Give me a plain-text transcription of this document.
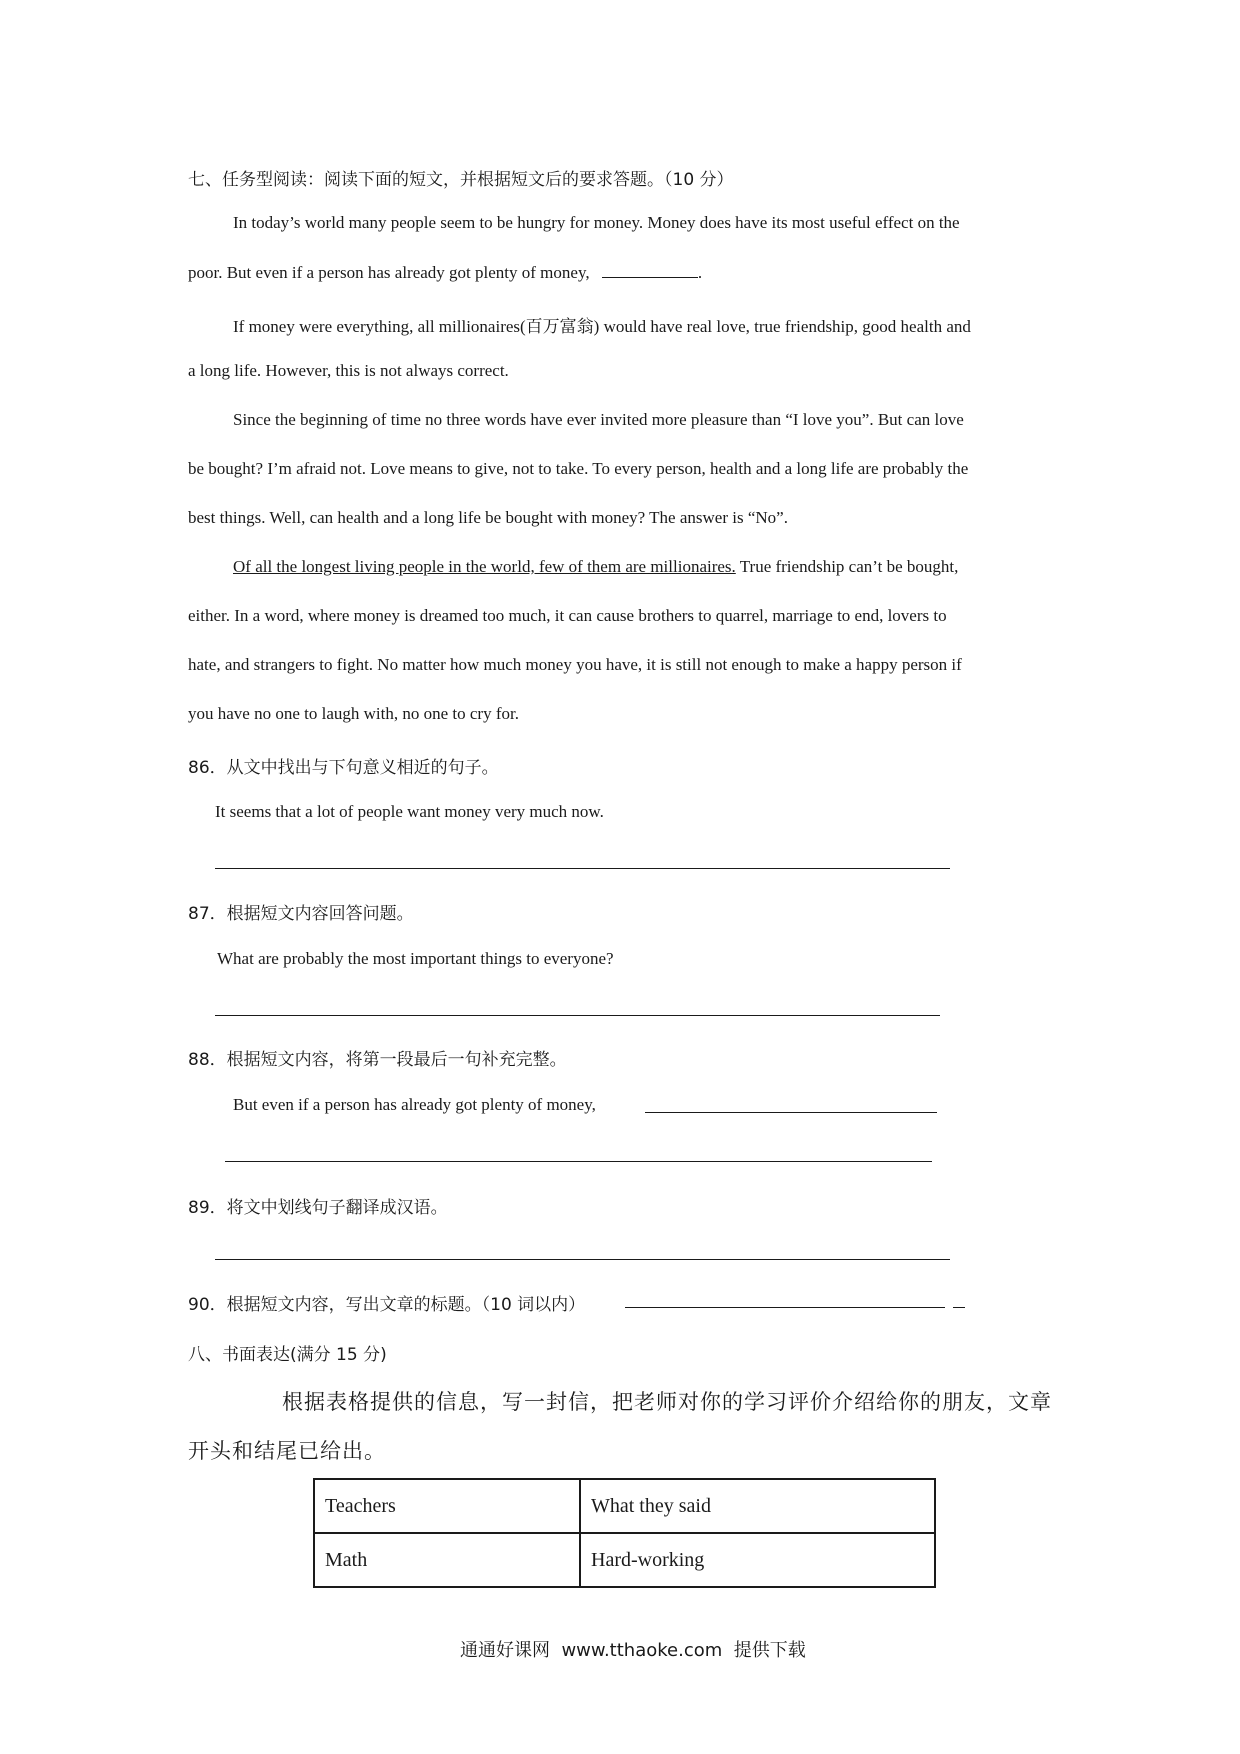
七、任务型阅读：阅读下面的短文，并根据短文后的要求答题。（10 分）
In today’s world many people seem to be hungry for money. Money does have its most useful effect on the
poor. But even if a person has already got plenty of money,	.
If money were everything, all millionaires(百万富翁) would have real love, true friendship, good health and
a long life. However, this is not always correct.
Since the beginning of time no three words have ever invited more pleasure than “I love you”. But can love
be bought? I’m afraid not. Love means to give, not to take. To every person, health and a long life are probably the
best things. Well, can health and a long life be bought with money? The answer is “No”.
Of all the longest living people in the world, few of them are millionaires. True friendship can’t be bought,
either. In a word, where money is dreamed too much, it can cause brothers to quarrel, marriage to end, lovers to
hate, and strangers to fight. No matter how much money you have, it is still not enough to make a happy person if
you have no one to laugh with, no one to cry for.
86．从文中找出与下句意义相近的句子。
It seems that a lot of people want money very much now.
87．根据短文内容回答问题。
What are probably the most important things to everyone?
88．根据短文内容，将第一段最后一句补充完整。
But even if a person has already got plenty of money,
89．将文中划线句子翻译成汉语。
90．根据短文内容，写出文章的标题。（10 词以内）
八、书面表达(满分 15 分)
根据表格提供的信息，写一封信，把老师对你的学习评价介绍给你的朋友，文章
开头和结尾已给出。
Teachers	What they said
Math	Hard-working
通通好课网  www.tthaoke.com  提供下载
